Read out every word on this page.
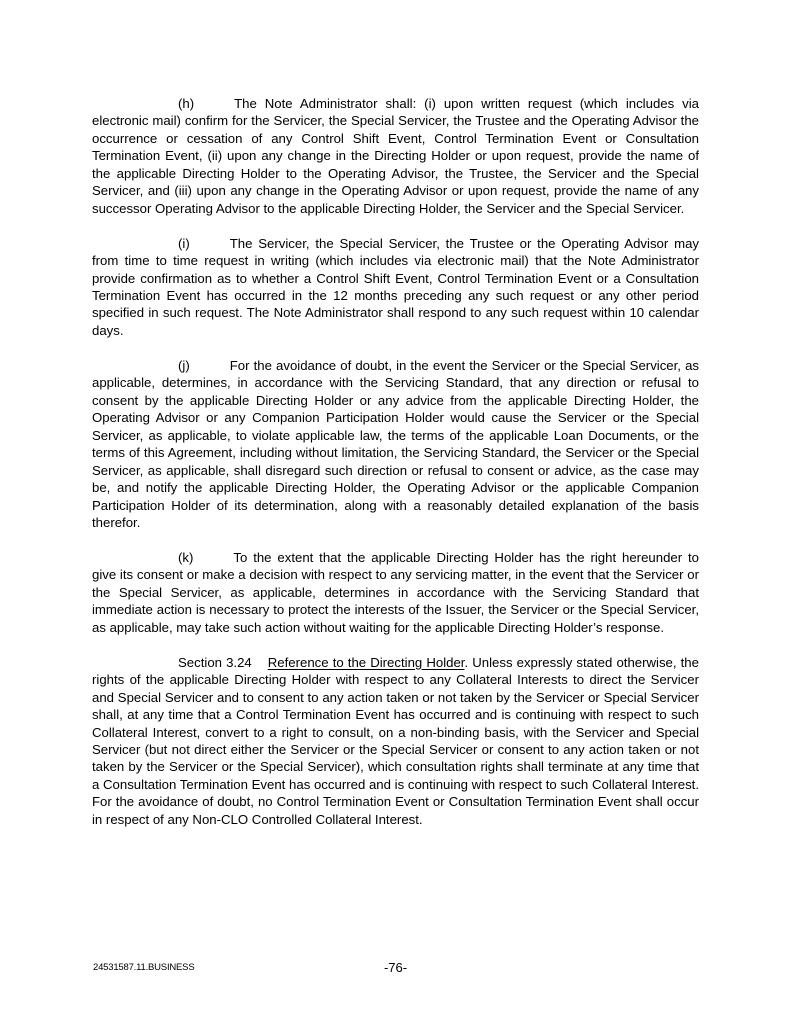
(h)	The Note Administrator shall: (i) upon written request (which includes via electronic mail) confirm for the Servicer, the Special Servicer, the Trustee and the Operating Advisor the occurrence or cessation of any Control Shift Event, Control Termination Event or Consultation Termination Event, (ii) upon any change in the Directing Holder or upon request, provide the name of the applicable Directing Holder to the Operating Advisor, the Trustee, the Servicer and the Special Servicer, and (iii) upon any change in the Operating Advisor or upon request, provide the name of any successor Operating Advisor to the applicable Directing Holder, the Servicer and the Special Servicer.

(i)	The Servicer, the Special Servicer, the Trustee or the Operating Advisor may from time to time request in writing (which includes via electronic mail) that the Note Administrator provide confirmation as to whether a Control Shift Event, Control Termination Event or a Consultation Termination Event has occurred in the 12 months preceding any such request or any other period specified in such request. The Note Administrator shall respond to any such request within 10 calendar days.

(j)	For the avoidance of doubt, in the event the Servicer or the Special Servicer, as applicable, determines, in accordance with the Servicing Standard, that any direction or refusal to consent by the applicable Directing Holder or any advice from the applicable Directing Holder, the Operating Advisor or any Companion Participation Holder would cause the Servicer or the Special Servicer, as applicable, to violate applicable law, the terms of the applicable Loan Documents, or the terms of this Agreement, including without limitation, the Servicing Standard, the Servicer or the Special Servicer, as applicable, shall disregard such direction or refusal to consent or advice, as the case may be, and notify the applicable Directing Holder, the Operating Advisor or the applicable Companion Participation Holder of its determination, along with a reasonably detailed explanation of the basis therefor.

(k)	To the extent that the applicable Directing Holder has the right hereunder to give its consent or make a decision with respect to any servicing matter, in the event that the Servicer or the Special Servicer, as applicable, determines in accordance with the Servicing Standard that immediate action is necessary to protect the interests of the Issuer, the Servicer or the Special Servicer, as applicable, may take such action without waiting for the applicable Directing Holder’s response.

Section 3.24 Reference to the Directing Holder. Unless expressly stated otherwise, the rights of the applicable Directing Holder with respect to any Collateral Interests to direct the Servicer and Special Servicer and to consent to any action taken or not taken by the Servicer or Special Servicer shall, at any time that a Control Termination Event has occurred and is continuing with respect to such Collateral Interest, convert to a right to consult, on a non-binding basis, with the Servicer and Special Servicer (but not direct either the Servicer or the Special Servicer or consent to any action taken or not taken by the Servicer or the Special Servicer), which consultation rights shall terminate at any time that a Consultation Termination Event has occurred and is continuing with respect to such Collateral Interest. For the avoidance of doubt, no Control Termination Event or Consultation Termination Event shall occur in respect of any Non-CLO Controlled Collateral Interest.

24531587.11.BUSINESS	-76-
